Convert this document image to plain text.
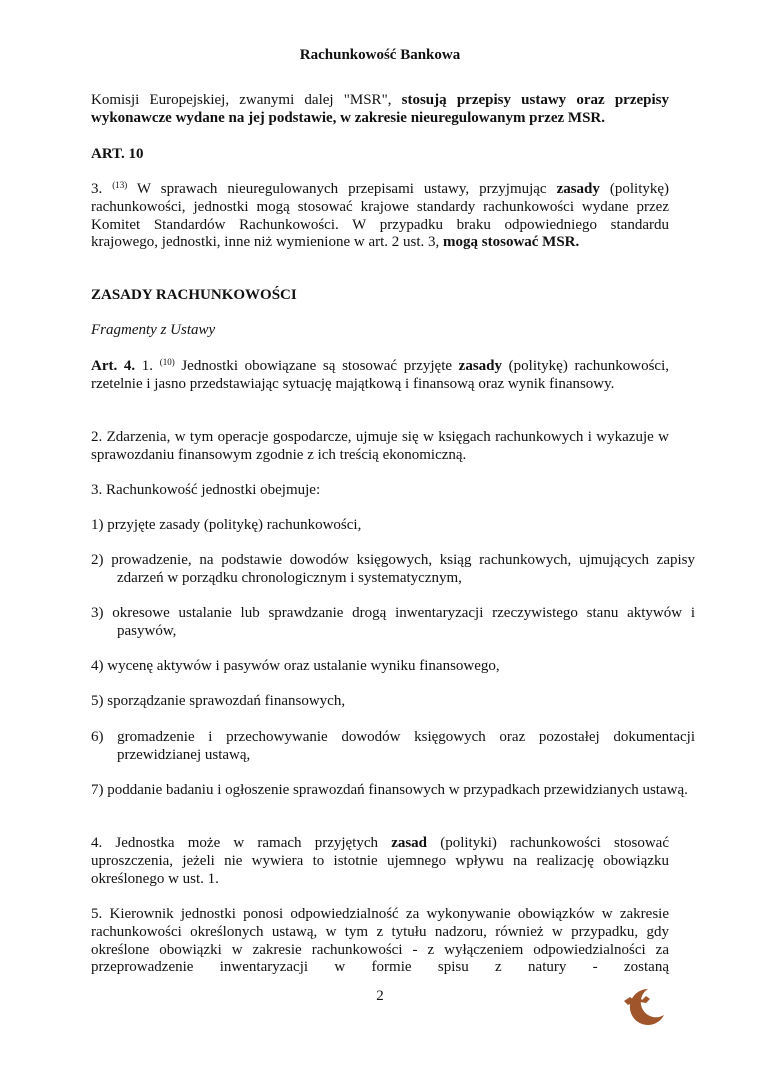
Rachunkowość Bankowa

Komisji Europejskiej, zwanymi dalej "MSR", stosują przepisy ustawy oraz przepisy wykonawcze wydane na jej podstawie, w zakresie nieuregulowanym przez MSR.

ART. 10

3. $^{(13)}$ W sprawach nieuregulowanych przepisami ustawy, przyjmując zasady (politykę) rachunkowości, jednostki mogą stosować krajowe standardy rachunkowości wydane przez Komitet Standardów Rachunkowości. W przypadku braku odpowiedniego standardu krajowego, jednostki, inne niż wymienione w art. 2 ust. 3, mogą stosować MSR.

ZASADY RACHUNKOWOŚCI

Fragmenty z Ustawy

Art. 4. 1. $^{(10)}$ Jednostki obowiązane są stosować przyjęte zasady (politykę) rachunkowości, rzetelnie i jasno przedstawiając sytuację majątkową i finansową oraz wynik finansowy.

2. Zdarzenia, w tym operacje gospodarcze, ujmuje się w księgach rachunkowych i wykazuje w sprawozdaniu finansowym zgodnie z ich treścią ekonomiczną.

3. Rachunkowość jednostki obejmuje:

1) przyjęte zasady (politykę) rachunkowości,

2) prowadzenie, na podstawie dowodów księgowych, ksiąg rachunkowych, ujmujących zapisy zdarzeń w porządku chronologicznym i systematycznym,

3) okresowe ustalanie lub sprawdzanie drogą inwentaryzacji rzeczywistego stanu aktywów i pasywów,

4) wycenę aktywów i pasywów oraz ustalanie wyniku finansowego,

5) sporządzanie sprawozdań finansowych,

6) gromadzenie i przechowywanie dowodów księgowych oraz pozostałej dokumentacji przewidzianej ustawą,

7) poddanie badaniu i ogłoszenie sprawozdań finansowych w przypadkach przewidzianych ustawą.

4. Jednostka może w ramach przyjętych zasad (polityki) rachunkowości stosować uproszczenia, jeżeli nie wywiera to istotnie ujemnego wpływu na realizację obowiązku określonego w ust. 1.

5. Kierownik jednostki ponosi odpowiedzialność za wykonywanie obowiązków w zakresie rachunkowości określonych ustawą, w tym z tytułu nadzoru, również w przypadku, gdy określone obowiązki w zakresie rachunkowości - z wyłączeniem odpowiedzialności za przeprowadzenie inwentaryzacji w formie spisu z natury - zostaną

2
